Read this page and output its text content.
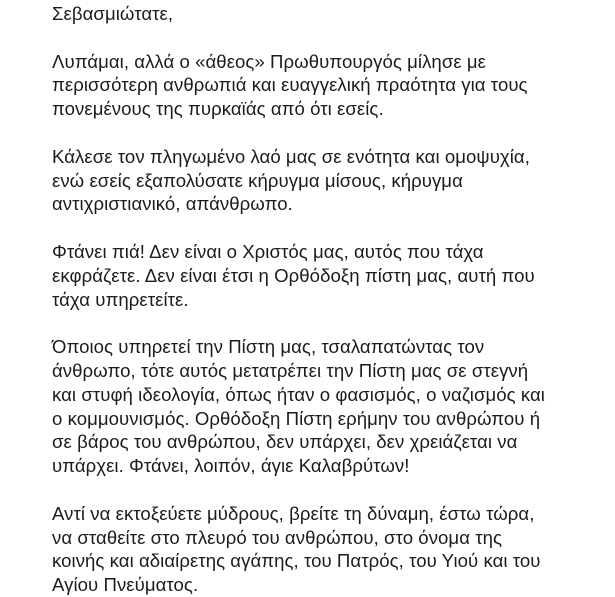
Σεβασμιώτατε,

Λυπάμαι, αλλά ο «άθεος» Πρωθυπουργός μίλησε με
περισσότερη ανθρωπιά και ευαγγελική πραότητα για τους
πονεμένους της πυρκαϊάς από ότι εσείς.

Κάλεσε τον πληγωμένο λαό μας σε ενότητα και ομοψυχία,
ενώ εσείς εξαπολύσατε κήρυγμα μίσους, κήρυγμα
αντιχριστιανικό, απάνθρωπο.

Φτάνει πιά! Δεν είναι ο Χριστός μας, αυτός που τάχα
εκφράζετε. Δεν είναι έτσι η Ορθόδοξη πίστη μας, αυτή που
τάχα υπηρετείτε.

Όποιος υπηρετεί την Πίστη μας, τσαλαπατώντας τον
άνθρωπο, τότε αυτός μετατρέπει την Πίστη μας σε στεγνή
και στυφή ιδεολογία, όπως ήταν ο φασισμός, ο ναζισμός και
ο κομμουνισμός. Ορθόδοξη Πίστη ερήμην του ανθρώπου ή
σε βάρος του ανθρώπου, δεν υπάρχει, δεν χρειάζεται να
υπάρχει. Φτάνει, λοιπόν, άγιε Καλαβρύτων!

Αντί να εκτοξεύετε μύδρους, βρείτε τη δύναμη, έστω τώρα,
να σταθείτε στο πλευρό του ανθρώπου, στο όνομα της
κοινής και αδιαίρετης αγάπης, του Πατρός, του Υιού και του
Αγίου Πνεύματος.
